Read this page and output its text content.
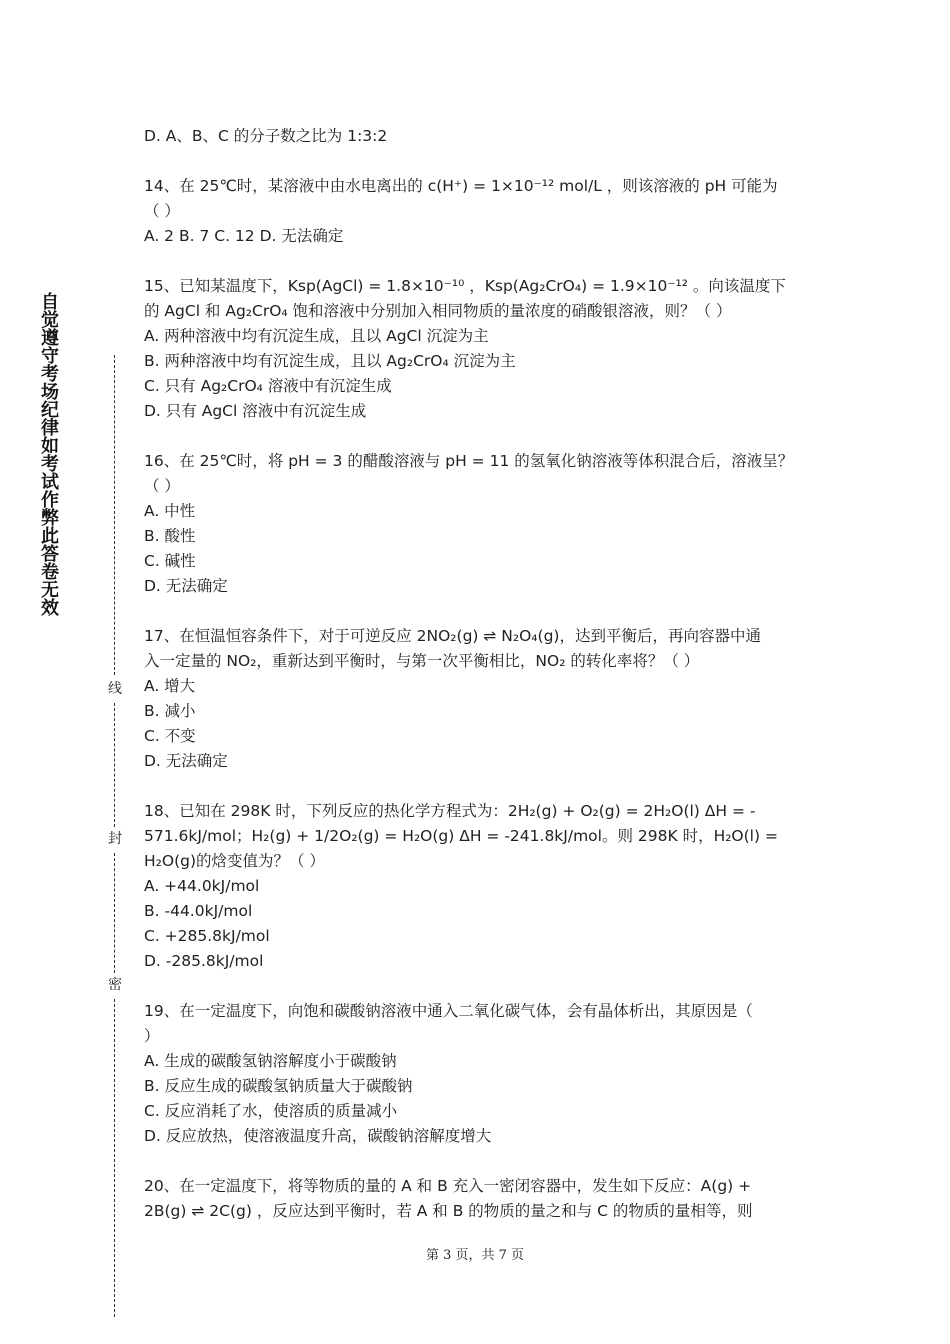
自觉遵守考场纪律如考试作弊此答卷无效
线
封
密
D. A、B、C 的分子数之比为 1:3:2
14、在 25℃时，某溶液中由水电离出的 c(H⁺) = 1×10⁻¹² mol/L ，则该溶液的 pH 可能为
（ ）
A. 2 B. 7 C. 12 D. 无法确定
15、已知某温度下，Ksp(AgCl) = 1.8×10⁻¹⁰ ，Ksp(Ag₂CrO₄) = 1.9×10⁻¹² 。向该温度下
的 AgCl 和 Ag₂CrO₄ 饱和溶液中分别加入相同物质的量浓度的硝酸银溶液，则？（ ）
A. 两种溶液中均有沉淀生成，且以 AgCl 沉淀为主
B. 两种溶液中均有沉淀生成，且以 Ag₂CrO₄ 沉淀为主
C. 只有 Ag₂CrO₄ 溶液中有沉淀生成
D. 只有 AgCl 溶液中有沉淀生成
16、在 25℃时，将 pH = 3 的醋酸溶液与 pH = 11 的氢氧化钠溶液等体积混合后，溶液呈？
（ ）
A. 中性
B. 酸性
C. 碱性
D. 无法确定
17、在恒温恒容条件下，对于可逆反应 2NO₂(g) ⇌ N₂O₄(g)，达到平衡后，再向容器中通
入一定量的 NO₂，重新达到平衡时，与第一次平衡相比，NO₂ 的转化率将？（ ）
A. 增大
B. 减小
C. 不变
D. 无法确定
18、已知在 298K 时，下列反应的热化学方程式为：2H₂(g) + O₂(g) = 2H₂O(l) ΔH = -
571.6kJ/mol；H₂(g) + 1/2O₂(g) = H₂O(g) ΔH = -241.8kJ/mol。则 298K 时，H₂O(l) =
H₂O(g)的焓变值为？（ ）
A. +44.0kJ/mol
B. -44.0kJ/mol
C. +285.8kJ/mol
D. -285.8kJ/mol
19、在一定温度下，向饱和碳酸钠溶液中通入二氧化碳气体，会有晶体析出，其原因是（
）
A. 生成的碳酸氢钠溶解度小于碳酸钠
B. 反应生成的碳酸氢钠质量大于碳酸钠
C. 反应消耗了水，使溶质的质量减小
D. 反应放热，使溶液温度升高，碳酸钠溶解度增大
20、在一定温度下，将等物质的量的 A 和 B 充入一密闭容器中，发生如下反应：A(g) +
2B(g) ⇌ 2C(g) ，反应达到平衡时，若 A 和 B 的物质的量之和与 C 的物质的量相等，则
第 3 页，共 7 页
